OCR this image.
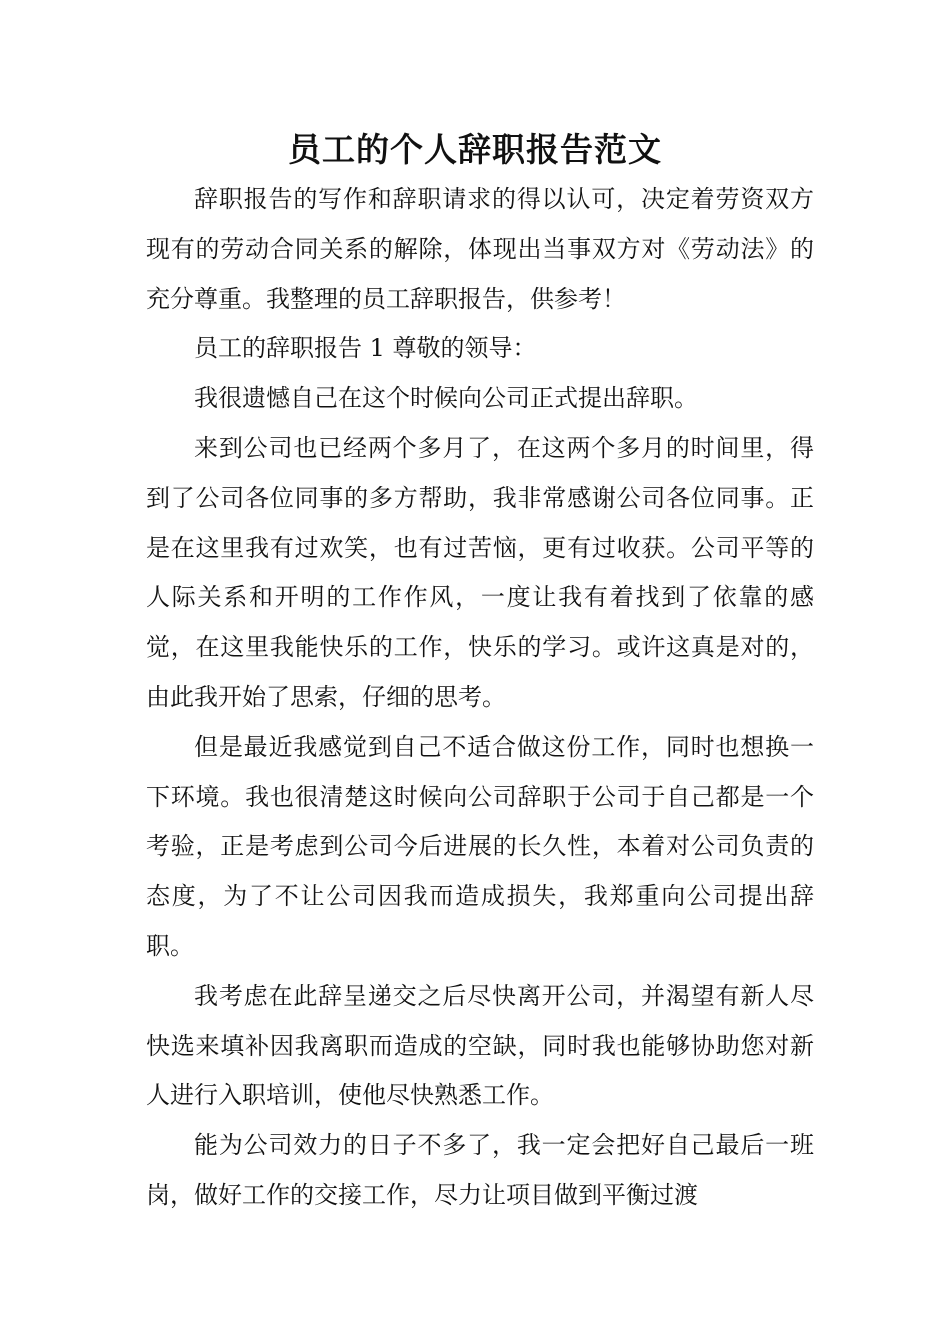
员工的个人辞职报告范文

辞职报告的写作和辞职请求的得以认可，决定着劳资双方现有的劳动合同关系的解除，体现出当事双方对《劳动法》的充分尊重。我整理的员工辞职报告，供参考！

员工的辞职报告 1 尊敬的领导：

我很遗憾自己在这个时候向公司正式提出辞职。

来到公司也已经两个多月了，在这两个多月的时间里，得到了公司各位同事的多方帮助，我非常感谢公司各位同事。正是在这里我有过欢笑，也有过苦恼，更有过收获。公司平等的人际关系和开明的工作作风，一度让我有着找到了依靠的感觉，在这里我能快乐的工作，快乐的学习。或许这真是对的，由此我开始了思索，仔细的思考。

但是最近我感觉到自己不适合做这份工作，同时也想换一下环境。我也很清楚这时候向公司辞职于公司于自己都是一个考验，正是考虑到公司今后进展的长久性，本着对公司负责的态度，为了不让公司因我而造成损失，我郑重向公司提出辞职。

我考虑在此辞呈递交之后尽快离开公司，并渴望有新人尽快选来填补因我离职而造成的空缺，同时我也能够协助您对新人进行入职培训，使他尽快熟悉工作。

能为公司效力的日子不多了，我一定会把好自己最后一班岗，做好工作的交接工作，尽力让项目做到平衡过渡
